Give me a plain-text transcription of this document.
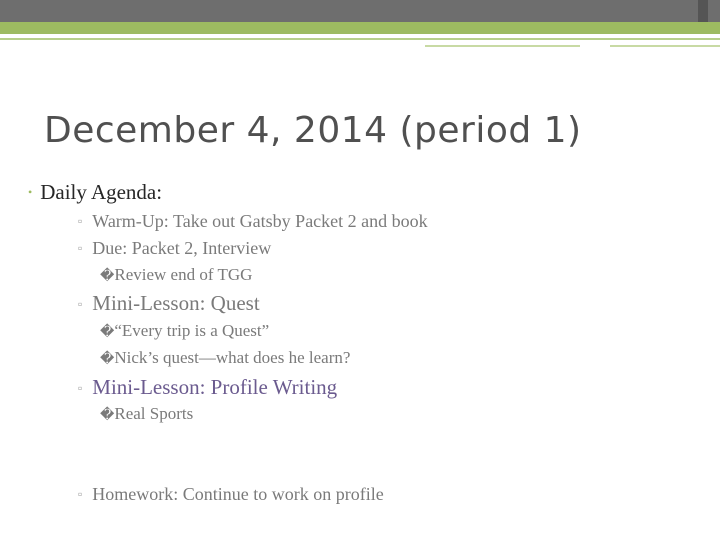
December 4, 2014 (period 1)
• Daily Agenda:
▫ Warm-Up: Take out Gatsby Packet 2 and book
▫ Due: Packet 2, Interview
�Review end of TGG
▫ Mini-Lesson: Quest
�“Every trip is a Quest”
�Nick’s quest—what does he learn?
▫ Mini-Lesson: Profile Writing
�Real Sports
▫ Homework: Continue to work on profile
